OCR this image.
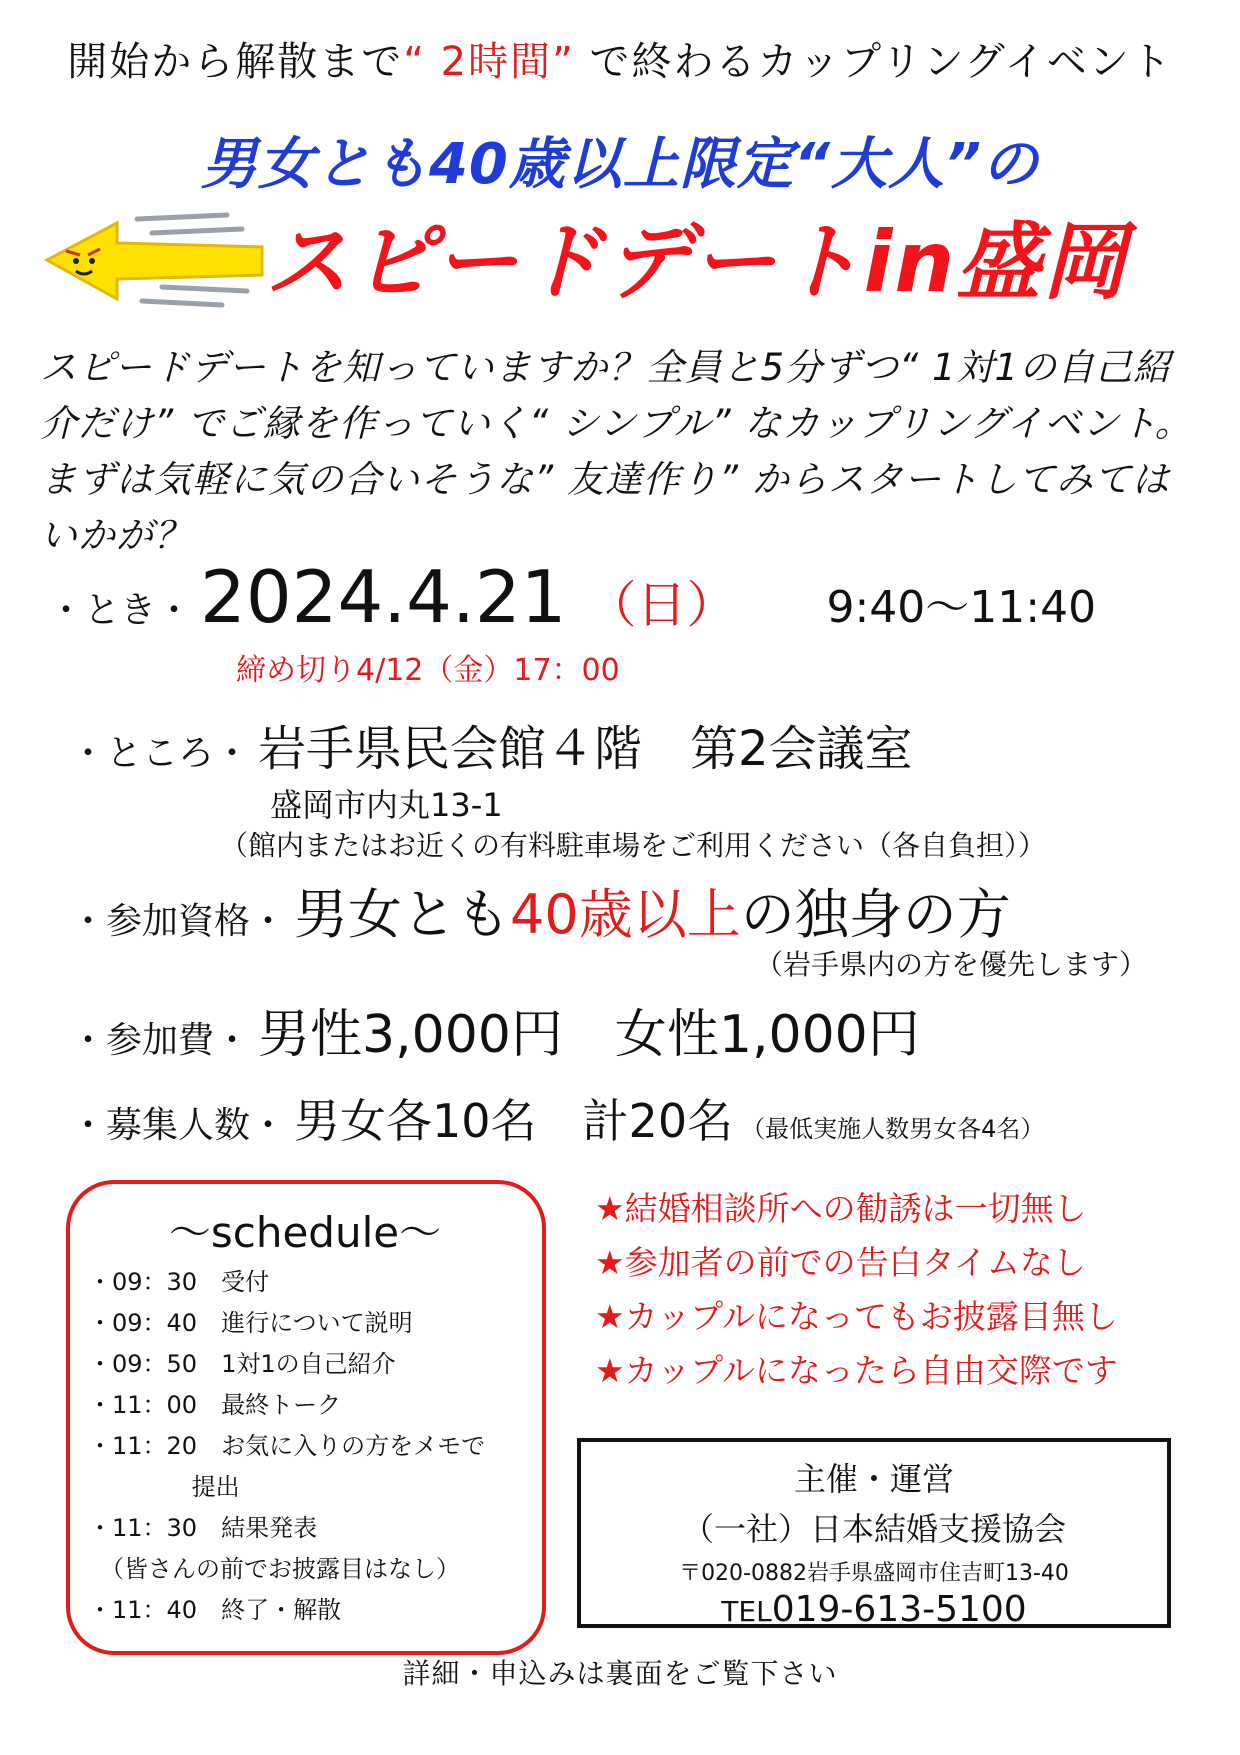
開始から解散まで“ 2時間” で終わるカップリングイベント
男女とも40歳以上限定“大人”の
スピードデートin盛岡
スピードデートを知っていますか？全員と5分ずつ“ 1対1の自己紹介だけ” でご縁を作っていく“ シンプル” なカップリングイベント。まずは気軽に気の合いそうな” 友達作り” からスタートしてみてはいかが？
・とき・ 2024.4.21 （日） 9:40〜11:40
締め切り4/12（金）17：00
・ところ・ 岩手県民会館４階　第2会議室
盛岡市内丸13-1
（館内またはお近くの有料駐車場をご利用ください（各自負担））
・参加資格・ 男女とも40歳以上の独身の方
（岩手県内の方を優先します）
・参加費・ 男性3,000円　女性1,000円
・募集人数・ 男女各10名　計20名 （最低実施人数男女各4名）
〜schedule〜
・09：30　受付
・09：40　進行について説明
・09：50　1対1の自己紹介
・11：00　最終トーク
・11：20　お気に入りの方をメモで
　　　　 提出
・11：30　結果発表
　（皆さんの前でお披露目はなし）
・11：40　終了・解散
★結婚相談所への勧誘は一切無し
★参加者の前での告白タイムなし
★カップルになってもお披露目無し
★カップルになったら自由交際です
主催・運営
（一社）日本結婚支援協会
〒020-0882岩手県盛岡市住吉町13-40
TEL019-613-5100
詳細・申込みは裏面をご覧下さい
